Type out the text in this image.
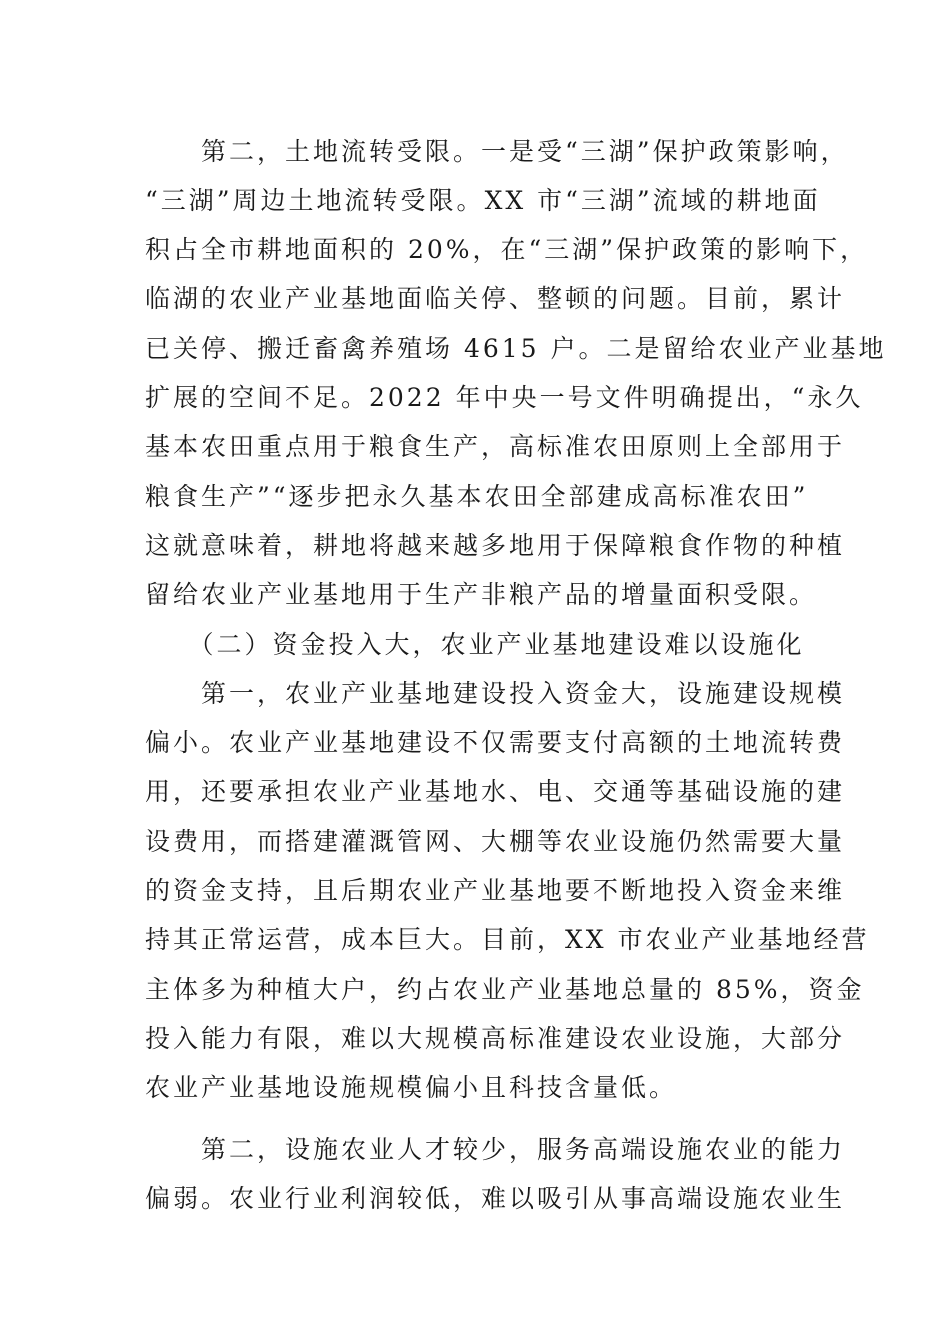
　　第二，土地流转受限。一是受“三湖”保护政策影响，
“三湖”周边土地流转受限。XX 市“三湖”流域的耕地面
积占全市耕地面积的 20%，在“三湖”保护政策的影响下，
临湖的农业产业基地面临关停、整顿的问题。目前，累计
已关停、搬迁畜禽养殖场 4615 户。二是留给农业产业基地
扩展的空间不足。2022 年中央一号文件明确提出，“永久
基本农田重点用于粮食生产，高标准农田原则上全部用于
粮食生产”“逐步把永久基本农田全部建成高标准农田”
这就意味着，耕地将越来越多地用于保障粮食作物的种植
留给农业产业基地用于生产非粮产品的增量面积受限。
　　（二）资金投入大，农业产业基地建设难以设施化
　　第一，农业产业基地建设投入资金大，设施建设规模
偏小。农业产业基地建设不仅需要支付高额的土地流转费
用，还要承担农业产业基地水、电、交通等基础设施的建
设费用，而搭建灌溉管网、大棚等农业设施仍然需要大量
的资金支持，且后期农业产业基地要不断地投入资金来维
持其正常运营，成本巨大。目前，XX 市农业产业基地经营
主体多为种植大户，约占农业产业基地总量的 85%，资金
投入能力有限，难以大规模高标准建设农业设施，大部分
农业产业基地设施规模偏小且科技含量低。
　　第二，设施农业人才较少，服务高端设施农业的能力
偏弱。农业行业利润较低，难以吸引从事高端设施农业生
